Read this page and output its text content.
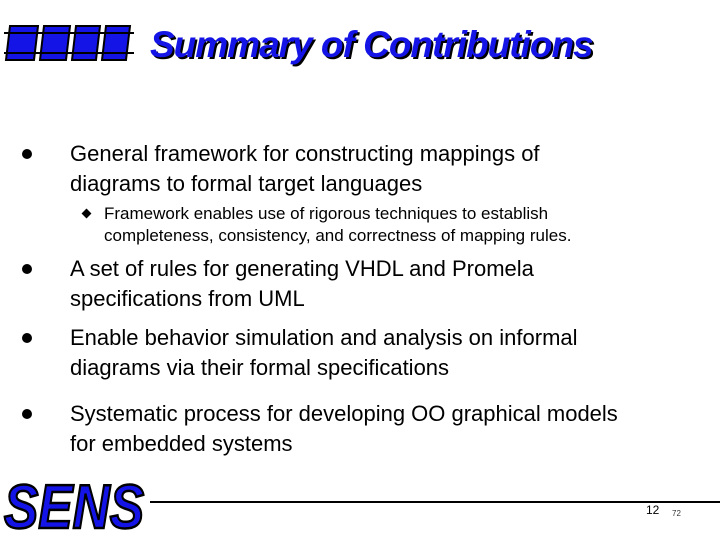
Summary of Contributions
General framework for constructing mappings of
diagrams to formal target languages
Framework enables use of rigorous techniques to establish
completeness, consistency, and correctness of mapping rules.
A set of rules for generating VHDL and Promela
specifications from UML
Enable behavior simulation and analysis on informal
diagrams via their formal specifications
Systematic process for developing OO graphical models
for embedded systems
SENS	12 72
